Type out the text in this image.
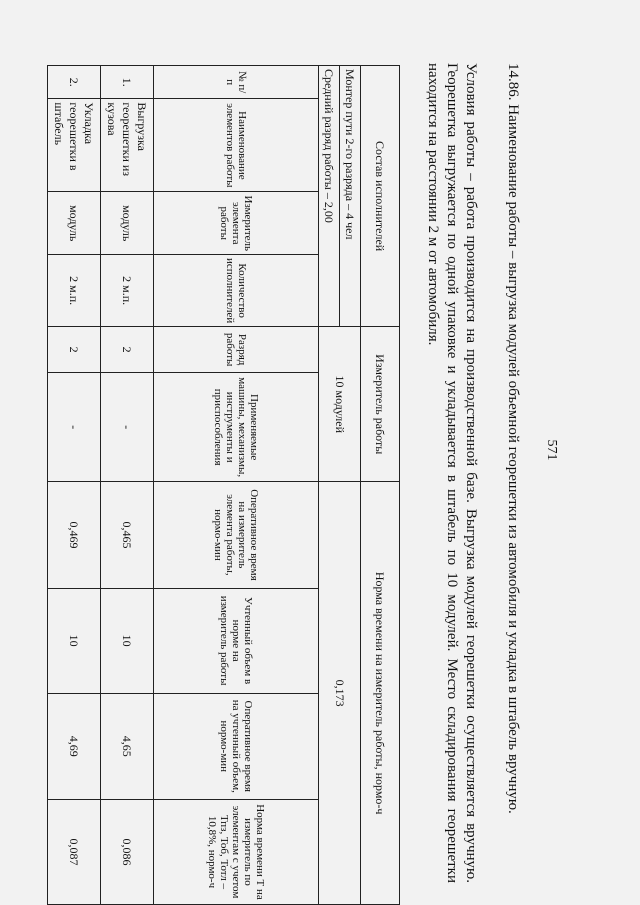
571
14.86. Наименование работы – выгрузка модулей объемной георешетки из автомобиля и укладка в штабель вручную.
Условия работы – работа производится на производственной базе. Выгрузка модулей георешетки осуществляется вручную. Георешетка выгружается по одной упаковке и укладывается в штабель по 10 модулей. Место складирования георешетки находится на расстоянии 2 м от автомобиля.
Состав исполнителей				Измеритель работы		Норма времени на измеритель работы, нормо-ч			
Монтер пути 2-го разряда – 4 чел				10 модулей		0,173			
Средний разряд работы – 2,00									
№ п/п	Наименование элементов работы	Измеритель элемента работы	Количество исполнителей	Разряд работы	Применяемые машины, механизмы, инструменты и приспособления	Оперативное время на измеритель элемента работы, нормо-мин	Учтенный объем в норме на измеритель работы	Оперативное время на учтенный объем, нормо-мин	Норма времени Т на измеритель по элементам с учетом Тпз, Тоб, Тотл – 10,8%, нормо-ч
1.	Выгрузка георешетки из кузова	модуль	2 м.п.	2	-	0,465	10	4,65	0,086
2.	Укладка георешетки в штабель	модуль	2 м.п.	2	-	0,469	10	4,69	0,087
